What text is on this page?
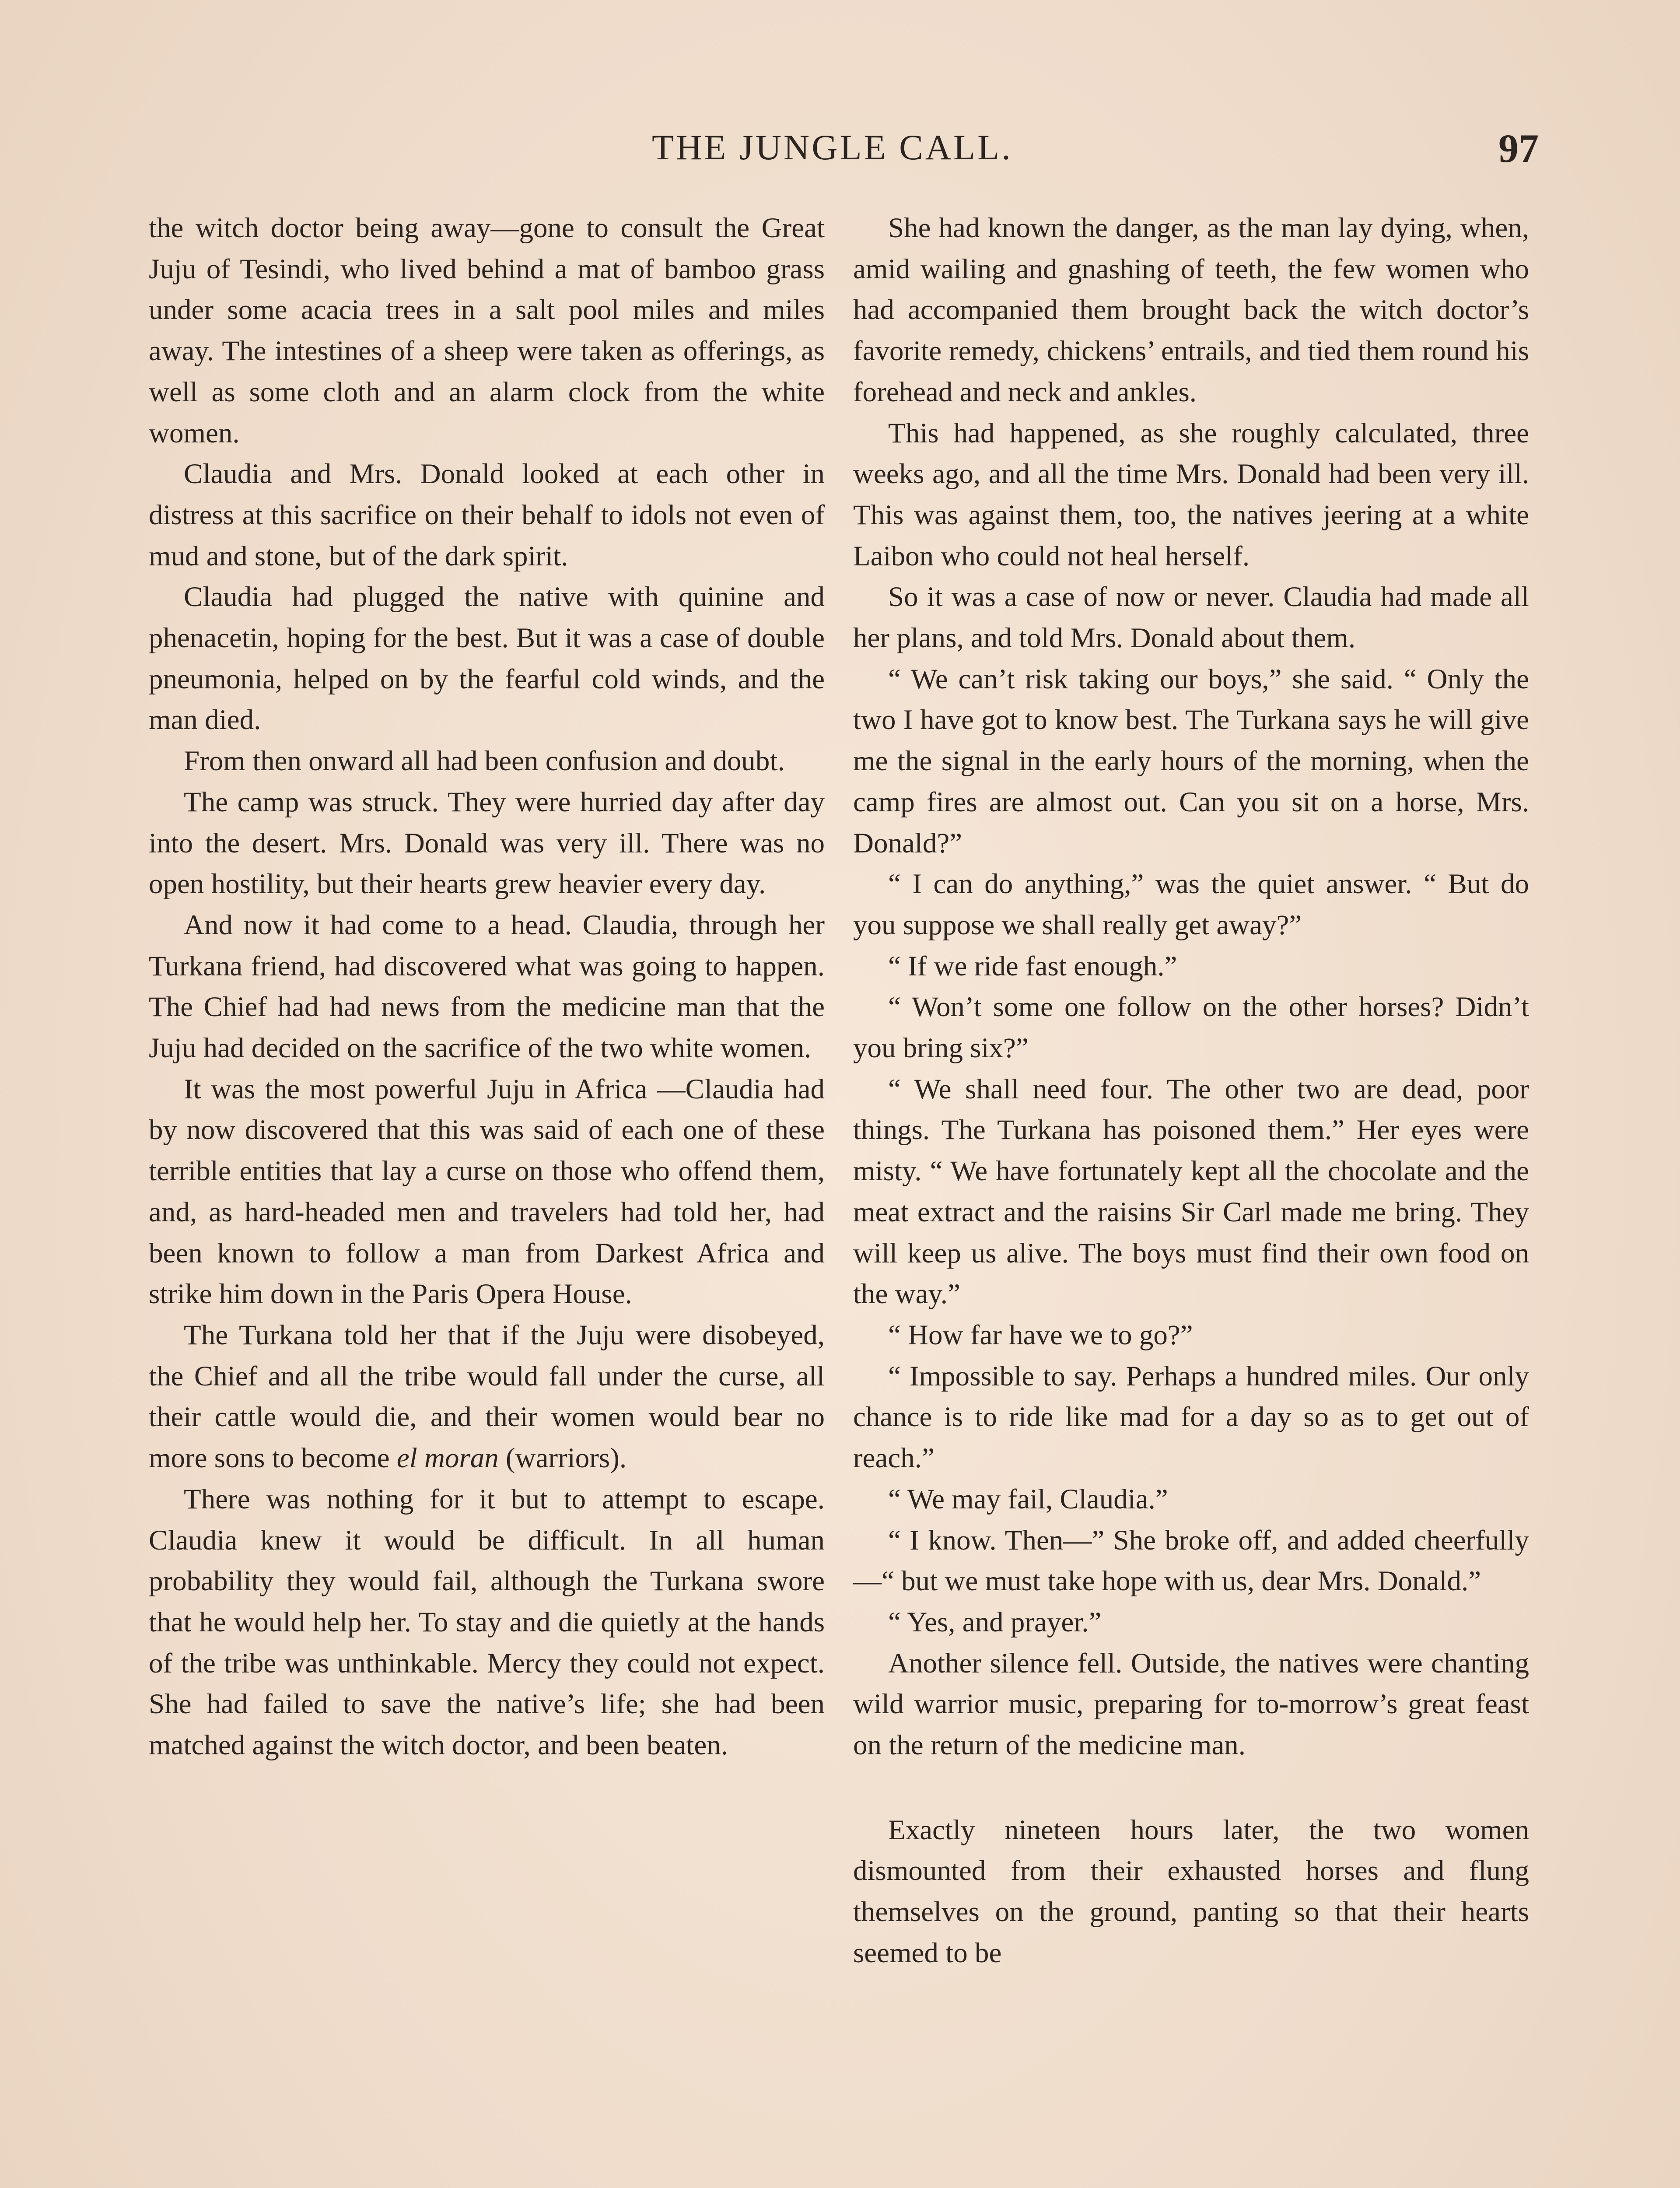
THE JUNGLE CALL.	97

the witch doctor being away—gone to consult the Great Juju of Tesindi, who lived behind a mat of bamboo grass under some acacia trees in a salt pool miles and miles away. The intestines of a sheep were taken as offerings, as well as some cloth and an alarm clock from the white women.

Claudia and Mrs. Donald looked at each other in distress at this sacrifice on their behalf to idols not even of mud and stone, but of the dark spirit.

Claudia had plugged the native with quinine and phenacetin, hoping for the best. But it was a case of double pneumonia, helped on by the fearful cold winds, and the man died.

From then onward all had been confusion and doubt.

The camp was struck. They were hurried day after day into the desert. Mrs. Donald was very ill. There was no open hostility, but their hearts grew heavier every day.

And now it had come to a head. Claudia, through her Turkana friend, had discovered what was going to happen. The Chief had had news from the medicine man that the Juju had decided on the sacrifice of the two white women.

It was the most powerful Juju in Africa —Claudia had by now discovered that this was said of each one of these terrible entities that lay a curse on those who offend them, and, as hard-headed men and travelers had told her, had been known to follow a man from Darkest Africa and strike him down in the Paris Opera House.

The Turkana told her that if the Juju were disobeyed, the Chief and all the tribe would fall under the curse, all their cattle would die, and their women would bear no more sons to become el moran (warriors).

There was nothing for it but to attempt to escape. Claudia knew it would be difficult. In all human probability they would fail, although the Turkana swore that he would help her. To stay and die quietly at the hands of the tribe was unthinkable. Mercy they could not expect. She had failed to save the native’s life; she had been matched against the witch doctor, and been beaten.

She had known the danger, as the man lay dying, when, amid wailing and gnashing of teeth, the few women who had accompanied them brought back the witch doctor’s favorite remedy, chickens’ entrails, and tied them round his forehead and neck and ankles.

This had happened, as she roughly calculated, three weeks ago, and all the time Mrs. Donald had been very ill. This was against them, too, the natives jeering at a white Laibon who could not heal herself.

So it was a case of now or never. Claudia had made all her plans, and told Mrs. Donald about them.

“ We can’t risk taking our boys,” she said. “ Only the two I have got to know best. The Turkana says he will give me the signal in the early hours of the morning, when the camp fires are almost out. Can you sit on a horse, Mrs. Donald?”

“ I can do anything,” was the quiet answer. “ But do you suppose we shall really get away?”

“ If we ride fast enough.”

“ Won’t some one follow on the other horses? Didn’t you bring six?”

“ We shall need four. The other two are dead, poor things. The Turkana has poisoned them.” Her eyes were misty. “ We have fortunately kept all the chocolate and the meat extract and the raisins Sir Carl made me bring. They will keep us alive. The boys must find their own food on the way.”

“ How far have we to go?”

“ Impossible to say. Perhaps a hundred miles. Our only chance is to ride like mad for a day so as to get out of reach.”

“ We may fail, Claudia.”

“ I know. Then—” She broke off, and added cheerfully—“ but we must take hope with us, dear Mrs. Donald.”

“ Yes, and prayer.”

Another silence fell. Outside, the natives were chanting wild warrior music, preparing for to-morrow’s great feast on the return of the medicine man.

Exactly nineteen hours later, the two women dismounted from their exhausted horses and flung themselves on the ground, panting so that their hearts seemed to be
